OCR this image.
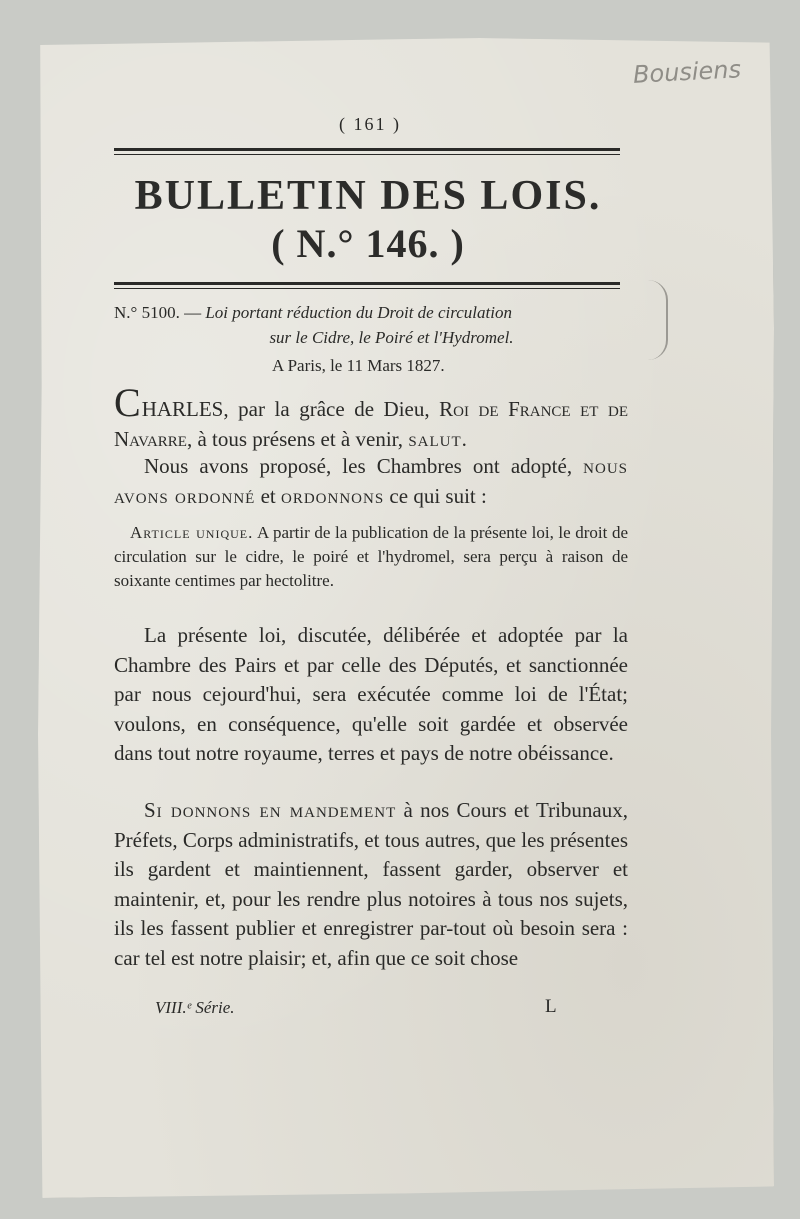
Bousiens
( 161 )
BULLETIN DES LOIS.
( N.° 146. )
N.° 5100. — Loi portant réduction du Droit de circulation
sur le Cidre, le Poiré et l'Hydromel.
A Paris, le 11 Mars 1827.
CHARLES, par la grâce de Dieu, Roi de France et de Navarre, à tous présens et à venir, salut.
Nous avons proposé, les Chambres ont adopté, nous avons ordonné et ordonnons ce qui suit :
Article unique. A partir de la publication de la présente loi, le droit de circulation sur le cidre, le poiré et l'hydromel, sera perçu à raison de soixante centimes par hectolitre.
La présente loi, discutée, délibérée et adoptée par la Chambre des Pairs et par celle des Députés, et sanctionnée par nous cejourd'hui, sera exécutée comme loi de l'État; voulons, en conséquence, qu'elle soit gardée et observée dans tout notre royaume, terres et pays de notre obéissance.
Si donnons en mandement à nos Cours et Tribunaux, Préfets, Corps administratifs, et tous autres, que les présentes ils gardent et maintiennent, fassent garder, observer et maintenir, et, pour les rendre plus notoires à tous nos sujets, ils les fassent publier et enregistrer par-tout où besoin sera : car tel est notre plaisir; et, afin que ce soit chose
VIII.ᵉ Série.	L
